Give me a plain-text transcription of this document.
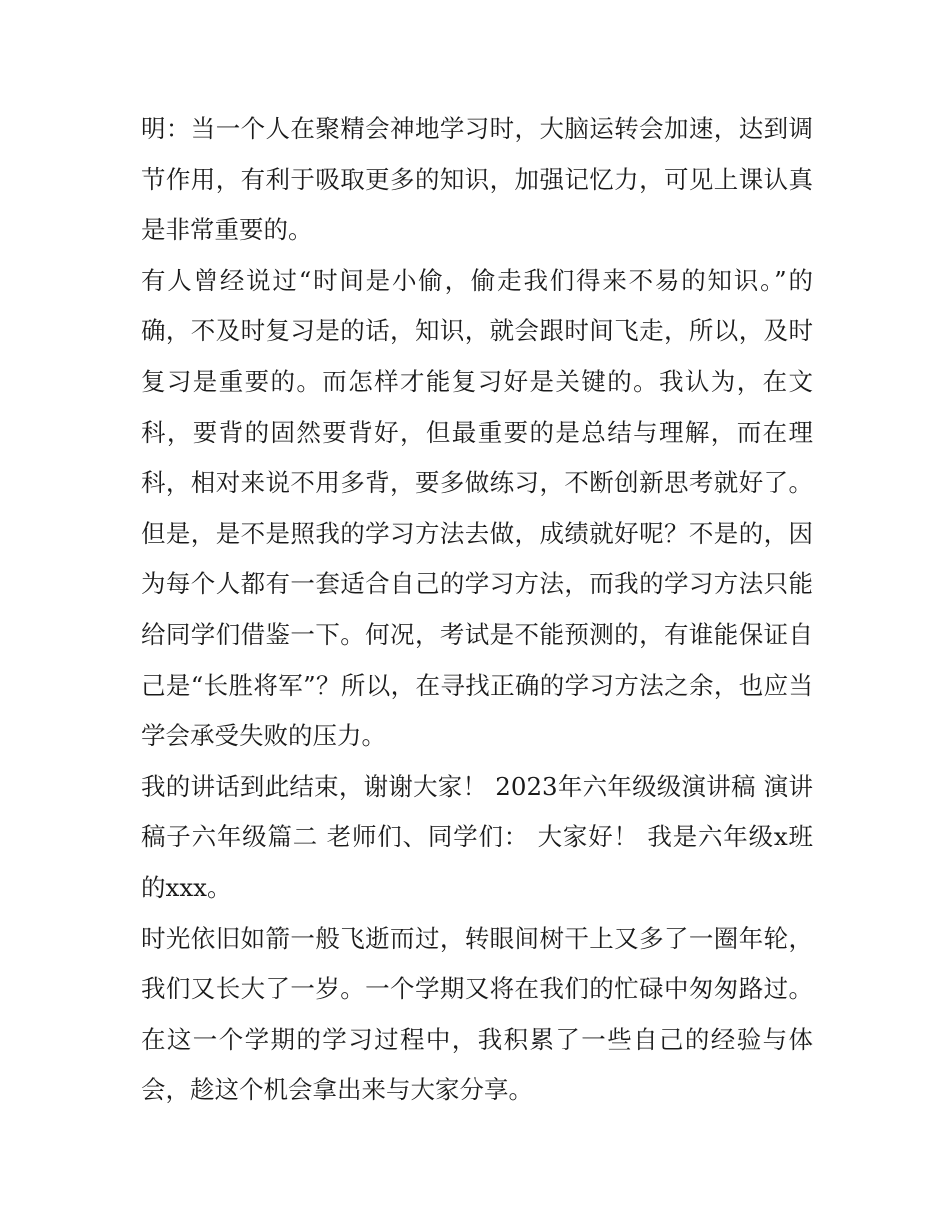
明：当一个人在聚精会神地学习时，大脑运转会加速，达到调节作用，有利于吸取更多的知识，加强记忆力，可见上课认真是非常重要的。

有人曾经说过“时间是小偷，偷走我们得来不易的知识。”的确，不及时复习是的话，知识，就会跟时间飞走，所以，及时复习是重要的。而怎样才能复习好是关键的。我认为，在文科，要背的固然要背好，但最重要的是总结与理解，而在理科，相对来说不用多背，要多做练习，不断创新思考就好了。但是，是不是照我的学习方法去做，成绩就好呢？不是的，因为每个人都有一套适合自己的学习方法，而我的学习方法只能给同学们借鉴一下。何况，考试是不能预测的，有谁能保证自己是“长胜将军”？所以，在寻找正确的学习方法之余，也应当学会承受失败的压力。

我的讲话到此结束，谢谢大家！ 2023年六年级级演讲稿 演讲稿子六年级篇二 老师们、同学们： 大家好！ 我是六年级x班的xxx。

时光依旧如箭一般飞逝而过，转眼间树干上又多了一圈年轮，我们又长大了一岁。一个学期又将在我们的忙碌中匆匆路过。在这一个学期的学习过程中，我积累了一些自己的经验与体会，趁这个机会拿出来与大家分享。
